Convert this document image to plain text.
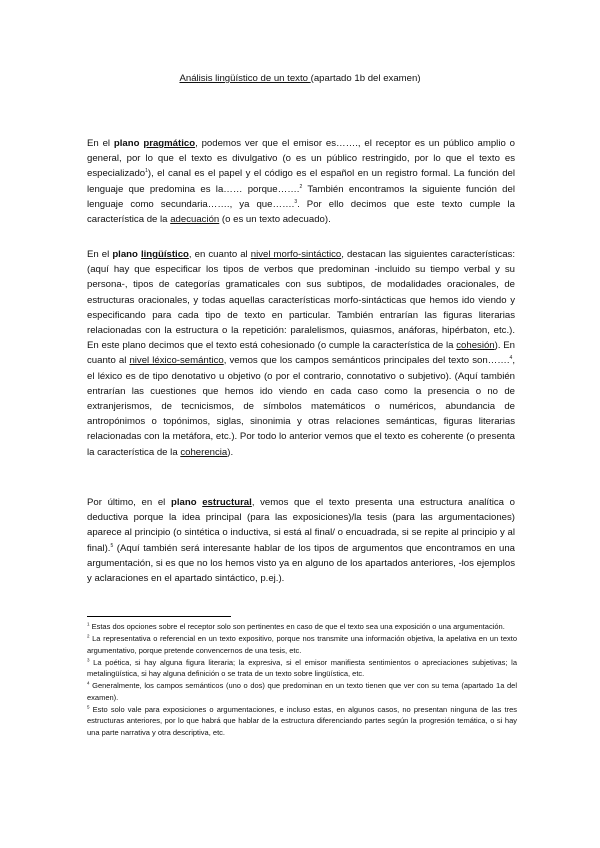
Análisis lingüístico de un texto (apartado 1b del examen)
En el plano pragmático, podemos ver que el emisor es……., el receptor es un público amplio o general, por lo que el texto es divulgativo (o es un público restringido, por lo que el texto es especializado$^1$), el canal es el papel y el código es el español en un registro formal. La función del lenguaje que predomina es la…… porque…….$^2$ También encontramos la siguiente función del lenguaje como secundaria……., ya que…….$^3$. Por ello decimos que este texto cumple la característica de la adecuación (o es un texto adecuado).
En el plano lingüístico, en cuanto al nivel morfo-sintáctico, destacan las siguientes características: (aquí hay que especificar los tipos de verbos que predominan -incluido su tiempo verbal y su persona-, tipos de categorías gramaticales con sus subtipos, de modalidades oracionales, de estructuras oracionales, y todas aquellas características morfo-sintácticas que hemos ido viendo y especificando para cada tipo de texto en particular. También entrarían las figuras literarias relacionadas con la estructura o la repetición: paralelismos, quiasmos, anáforas, hipérbaton, etc.). En este plano decimos que el texto está cohesionado (o cumple la característica de la cohesión). En cuanto al nivel léxico-semántico, vemos que los campos semánticos principales del texto son…….$^4$, el léxico es de tipo denotativo u objetivo (o por el contrario, connotativo o subjetivo). (Aquí también entrarían las cuestiones que hemos ido viendo en cada caso como la presencia o no de extranjerismos, de tecnicismos, de símbolos matemáticos o numéricos, abundancia de antropónimos o topónimos, siglas, sinonimia y otras relaciones semánticas, figuras literarias relacionadas con la metáfora, etc.). Por todo lo anterior vemos que el texto es coherente (o presenta la característica de la coherencia).
Por último, en el plano estructural, vemos que el texto presenta una estructura analítica o deductiva porque la idea principal (para las exposiciones)/la tesis (para las argumentaciones) aparece al principio (o sintética o inductiva, si está al final/ o encuadrada, si se repite al principio y al final).$^5$ (Aquí también será interesante hablar de los tipos de argumentos que encontramos en una argumentación, si es que no los hemos visto ya en alguno de los apartados anteriores, -los ejemplos y aclaraciones en el apartado sintáctico, p.ej.).

$^1$ Estas dos opciones sobre el receptor solo son pertinentes en caso de que el texto sea una exposición o una argumentación.

$^2$ La representativa o referencial en un texto expositivo, porque nos transmite una información objetiva, la apelativa en un texto argumentativo, porque pretende convencernos de una tesis, etc.

$^3$ La poética, si hay alguna figura literaria; la expresiva, si el emisor manifiesta sentimientos o apreciaciones subjetivas; la metalingüística, si hay alguna definición o se trata de un texto sobre lingüística, etc.

$^4$ Generalmente, los campos semánticos (uno o dos) que predominan en un texto tienen que ver con su tema (apartado 1a del examen).

$^5$ Esto solo vale para exposiciones o argumentaciones, e incluso estas, en algunos casos, no presentan ninguna de las tres estructuras anteriores, por lo que habrá que hablar de la estructura diferenciando partes según la progresión temática, o si hay una parte narrativa y otra descriptiva, etc.
